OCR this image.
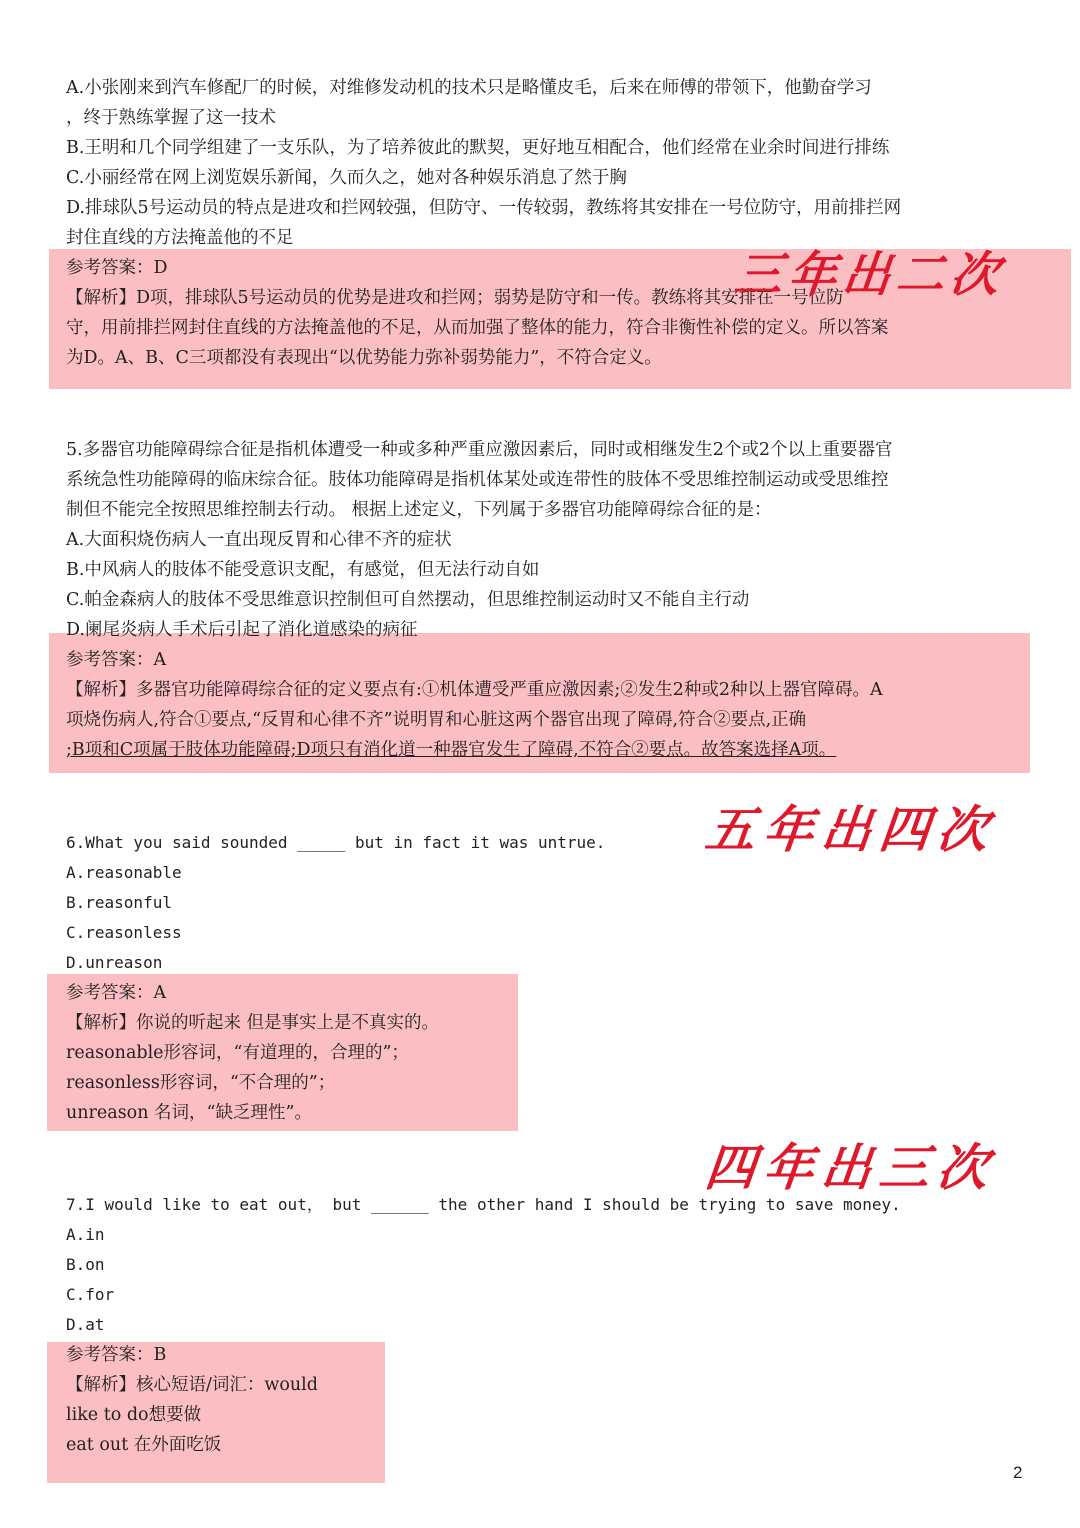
A.小张刚来到汽车修配厂的时候，对维修发动机的技术只是略懂皮毛，后来在师傅的带领下，他勤奋学习
，终于熟练掌握了这一技术
B.王明和几个同学组建了一支乐队，为了培养彼此的默契，更好地互相配合，他们经常在业余时间进行排练
C.小丽经常在网上浏览娱乐新闻，久而久之，她对各种娱乐消息了然于胸
D.排球队5号运动员的特点是进攻和拦网较强，但防守、一传较弱，教练将其安排在一号位防守，用前排拦网
封住直线的方法掩盖他的不足
参考答案：D
【解析】D项，排球队5号运动员的优势是进攻和拦网；弱势是防守和一传。教练将其安排在一号位防
守，用前排拦网封住直线的方法掩盖他的不足，从而加强了整体的能力，符合非衡性补偿的定义。所以答案
为D。A、B、C三项都没有表现出“以优势能力弥补弱势能力”，不符合定义。
三年出二次
5.多器官功能障碍综合征是指机体遭受一种或多种严重应激因素后，同时或相继发生2个或2个以上重要器官
系统急性功能障碍的临床综合征。肢体功能障碍是指机体某处或连带性的肢体不受思维控制运动或受思维控
制但不能完全按照思维控制去行动。 根据上述定义，下列属于多器官功能障碍综合征的是：
A.大面积烧伤病人一直出现反胃和心律不齐的症状
B.中风病人的肢体不能受意识支配，有感觉，但无法行动自如
C.帕金森病人的肢体不受思维意识控制但可自然摆动，但思维控制运动时又不能自主行动
D.阑尾炎病人手术后引起了消化道感染的病征
参考答案：A
【解析】多器官功能障碍综合征的定义要点有:①机体遭受严重应激因素;②发生2种或2种以上器官障碍。A
项烧伤病人,符合①要点,“反胃和心律不齐”说明胃和心脏这两个器官出现了障碍,符合②要点,正确
;B项和C项属于肢体功能障碍;D项只有消化道一种器官发生了障碍,不符合②要点。故答案选择A项。
五年出四次
6.What you said sounded _____ but in fact it was untrue.
A.reasonable
B.reasonful
C.reasonless
D.unreason
参考答案：A
【解析】你说的听起来 但是事实上是不真实的。
reasonable形容词，“有道理的，合理的”；
reasonless形容词，“不合理的”；
unreason 名词，“缺乏理性”。
四年出三次
7.I would like to eat out， but ______ the other hand I should be trying to save money.
A.in
B.on
C.for
D.at
参考答案：B
【解析】核心短语/词汇：would
like to do想要做
eat out 在外面吃饭
2
